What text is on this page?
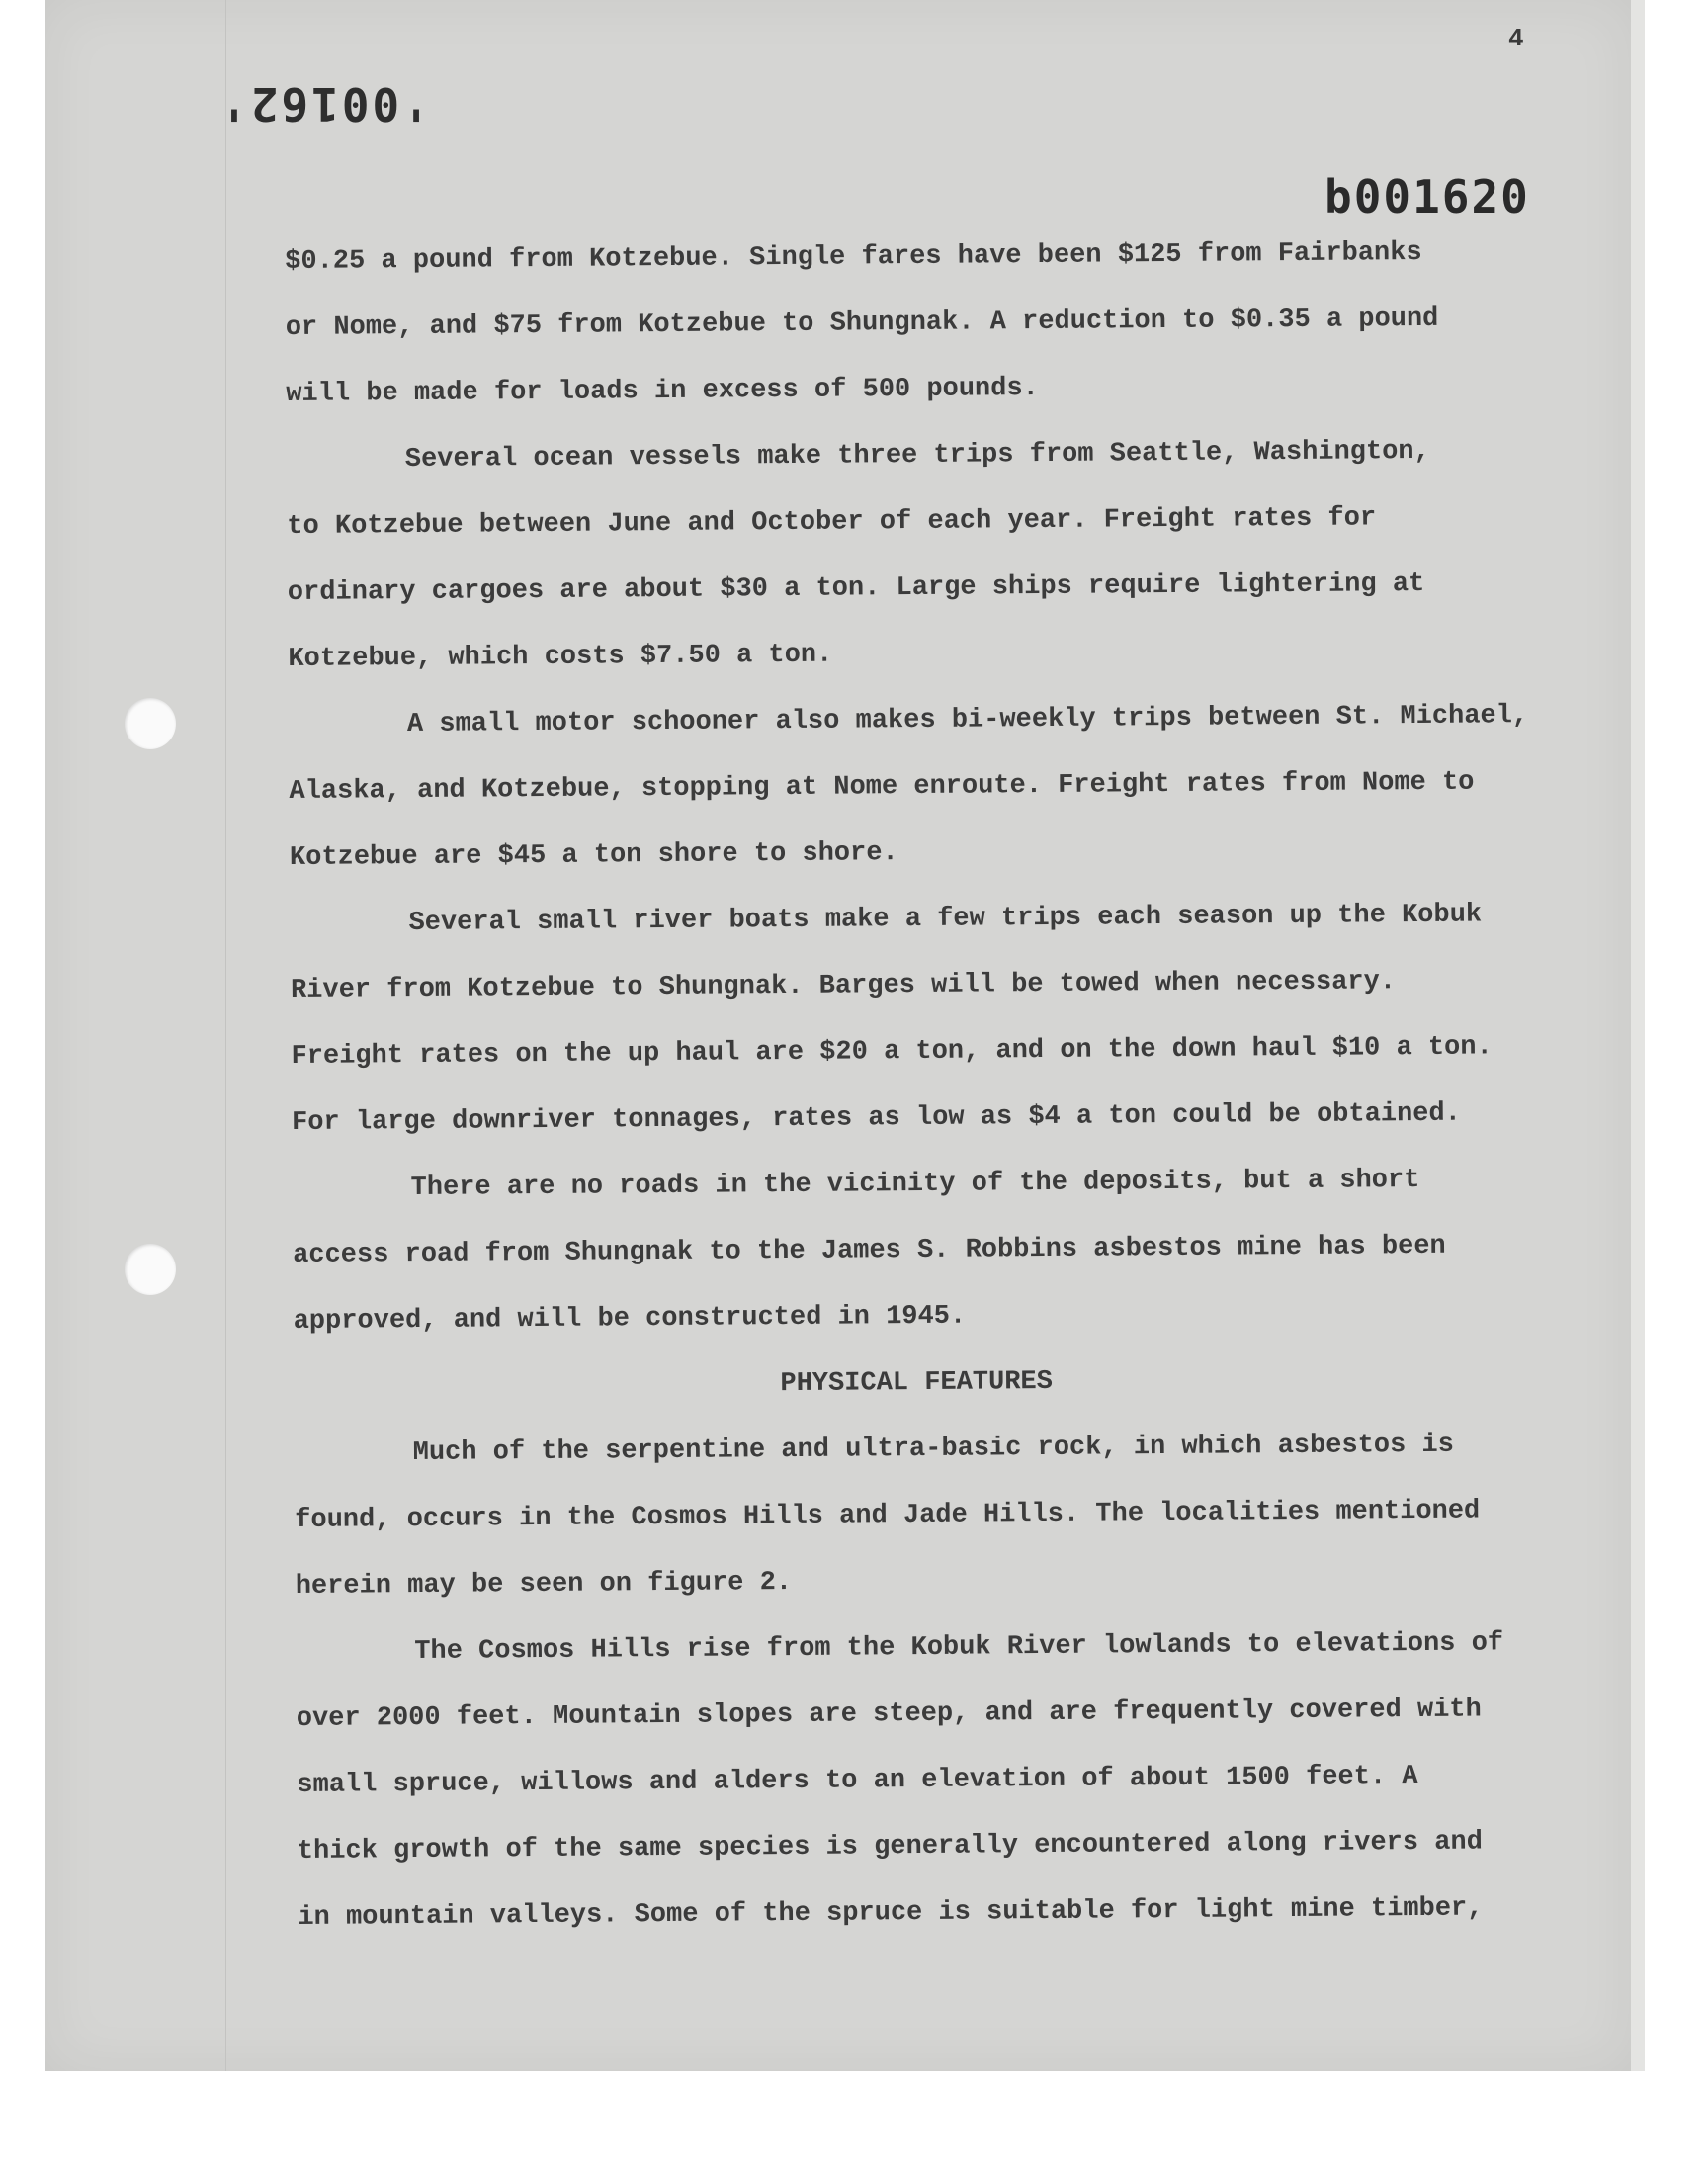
4
'00162'
b001620
$0.25 a pound from Kotzebue. Single fares have been $125 from Fairbanks
or Nome, and $75 from Kotzebue to Shungnak. A reduction to $0.35 a pound
will be made for loads in excess of 500 pounds.
Several ocean vessels make three trips from Seattle, Washington,
to Kotzebue between June and October of each year. Freight rates for
ordinary cargoes are about $30 a ton. Large ships require lightering at
Kotzebue, which costs $7.50 a ton.
A small motor schooner also makes bi-weekly trips between St. Michael,
Alaska, and Kotzebue, stopping at Nome enroute. Freight rates from Nome to
Kotzebue are $45 a ton shore to shore.
Several small river boats make a few trips each season up the Kobuk
River from Kotzebue to Shungnak. Barges will be towed when necessary.
Freight rates on the up haul are $20 a ton, and on the down haul $10 a ton.
For large downriver tonnages, rates as low as $4 a ton could be obtained.
There are no roads in the vicinity of the deposits, but a short
access road from Shungnak to the James S. Robbins asbestos mine has been
approved, and will be constructed in 1945.
PHYSICAL FEATURES
Much of the serpentine and ultra-basic rock, in which asbestos is
found, occurs in the Cosmos Hills and Jade Hills. The localities mentioned
herein may be seen on figure 2.
The Cosmos Hills rise from the Kobuk River lowlands to elevations of
over 2000 feet. Mountain slopes are steep, and are frequently covered with
small spruce, willows and alders to an elevation of about 1500 feet. A
thick growth of the same species is generally encountered along rivers and
in mountain valleys. Some of the spruce is suitable for light mine timber,
